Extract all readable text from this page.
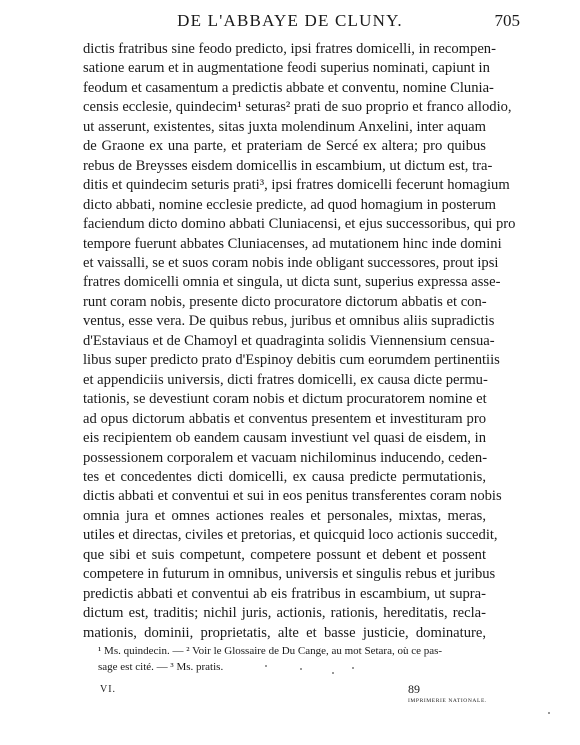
DE L'ABBAYE DE CLUNY.	705
dictis fratribus sine feodo predicto, ipsi fratres domicelli, in recompen-
satione earum et in augmentatione feodi superius nominati, capiunt in
feodum et casamentum a predictis abbate et conventu, nomine Clunia-
censis ecclesie, quindecim¹ seturas² prati de suo proprio et franco allodio,
ut asserunt, existentes, sitas juxta molendinum Anxelini, inter aquam
de Graone ex una parte, et prateriam de Sercé ex altera; pro quibus
rebus de Breysses eisdem domicellis in escambium, ut dictum est, tra-
ditis et quindecim seturis prati³, ipsi fratres domicelli fecerunt homagium
dicto abbati, nomine ecclesie predicte, ad quod homagium in posterum
faciendum dicto domino abbati Cluniacensi, et ejus successoribus, qui pro
tempore fuerunt abbates Cluniacenses, ad mutationem hinc inde domini
et vaissalli, se et suos coram nobis inde obligant successores, prout ipsi
fratres domicelli omnia et singula, ut dicta sunt, superius expressa asse-
runt coram nobis, presente dicto procuratore dictorum abbatis et con-
ventus, esse vera. De quibus rebus, juribus et omnibus aliis supradictis
d'Estaviaus et de Chamoyl et quadraginta solidis Viennensium censua-
libus super predicto prato d'Espinoy debitis cum eorumdem pertinentiis
et appendiciis universis, dicti fratres domicelli, ex causa dicte permu-
tationis, se devestiunt coram nobis et dictum procuratorem nomine et
ad opus dictorum abbatis et conventus presentem et investituram pro
eis recipientem ob eandem causam investiunt vel quasi de eisdem, in
possessionem corporalem et vacuam nichilominus inducendo, ceden-
tes et concedentes dicti domicelli, ex causa predicte permutationis,
dictis abbati et conventui et sui in eos penitus transferentes coram nobis
omnia jura et omnes actiones reales et personales, mixtas, meras,
utiles et directas, civiles et pretorias, et quicquid loco actionis succedit,
que sibi et suis competunt, competere possunt et debent et possent
competere in futurum in omnibus, universis et singulis rebus et juribus
predictis abbati et conventui ab eis fratribus in escambium, ut supra-
dictum est, traditis; nichil juris, actionis, rationis, hereditatis, recla-
mationis, dominii, proprietatis, alte et basse justicie, dominature,
¹ Ms. quindecin. — ² Voir le Glossaire de Du Cange, au mot Setara, où ce pas-
sage est cité. — ³ Ms. pratis.
VI.	89
IMPRIMERIE NATIONALE.
